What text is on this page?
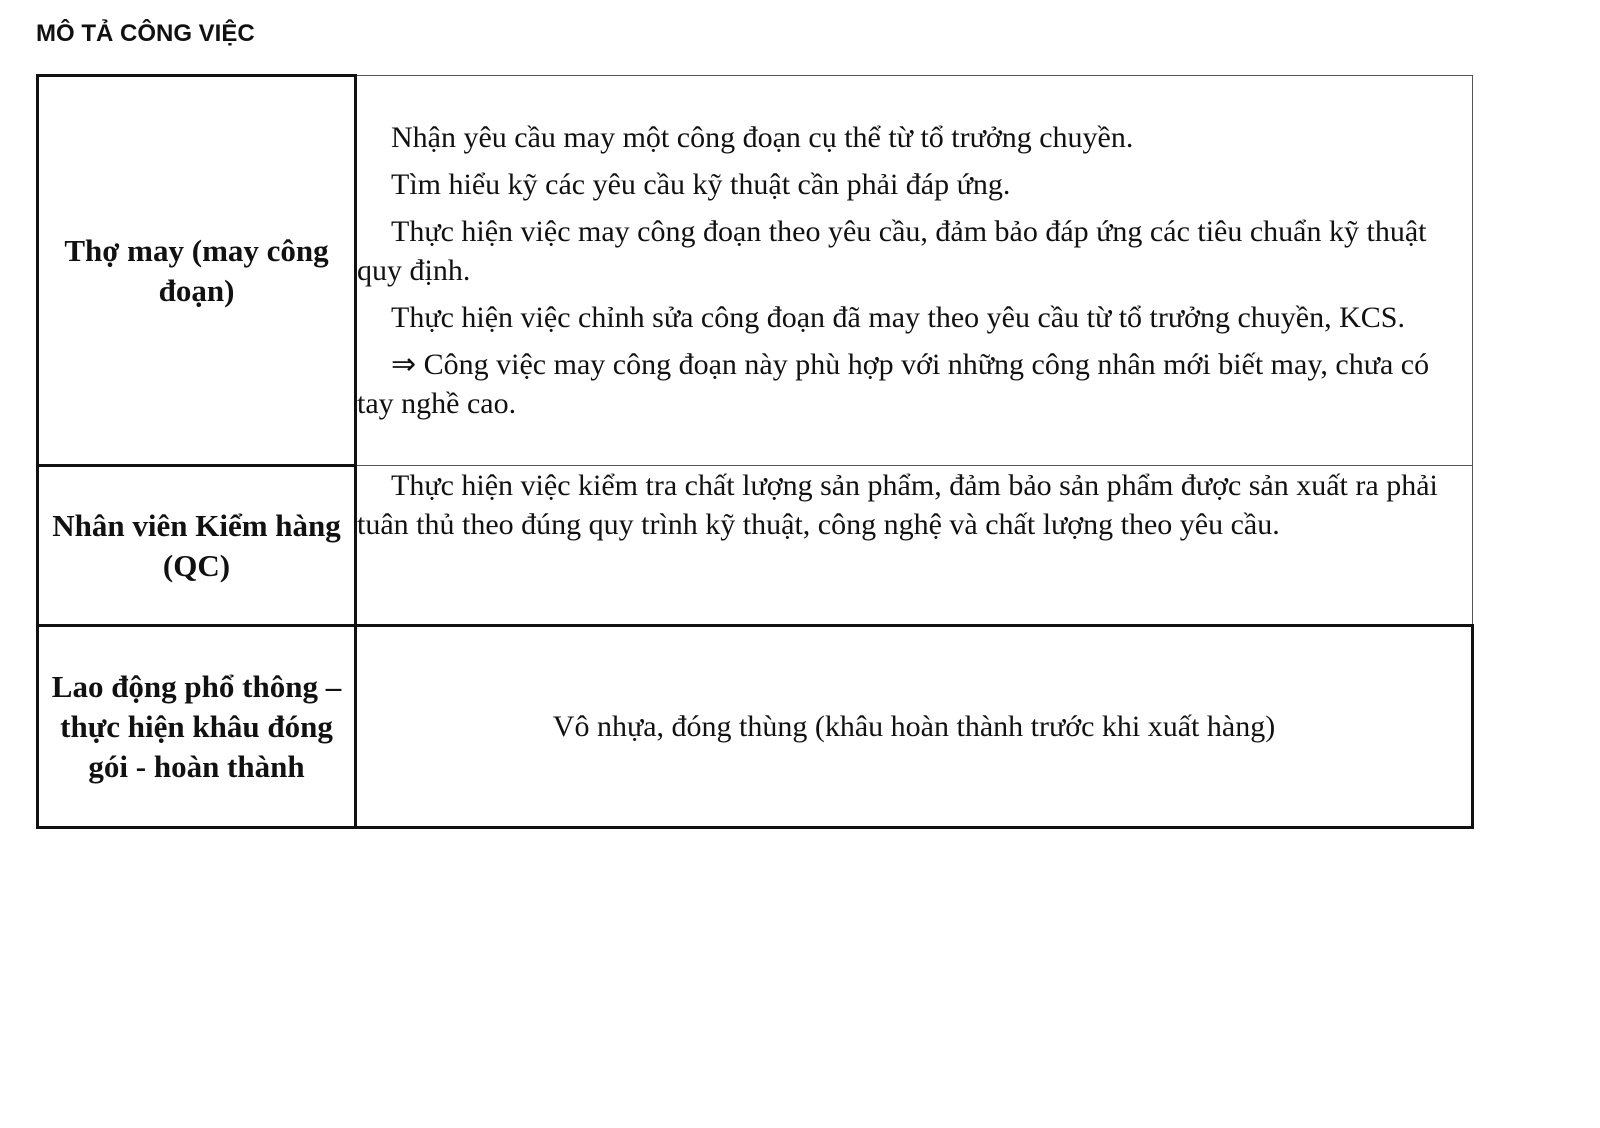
MÔ TẢ CÔNG VIỆC
Thợ may (may công đoạn)	Nhận yêu cầu may một công đoạn cụ thể từ tổ trưởng chuyền.

Tìm hiểu kỹ các yêu cầu kỹ thuật cần phải đáp ứng.

Thực hiện việc may công đoạn theo yêu cầu, đảm bảo đáp ứng các tiêu chuẩn kỹ thuật quy định.

Thực hiện việc chỉnh sửa công đoạn đã may theo yêu cầu từ tổ trưởng chuyền, KCS.

⇒ Công việc may công đoạn này phù hợp với những công nhân mới biết may, chưa có tay nghề cao.

Nhân viên Kiểm hàng (QC)	Thực hiện việc kiểm tra chất lượng sản phẩm, đảm bảo sản phẩm được sản xuất ra phải tuân thủ theo đúng quy trình kỹ thuật, công nghệ và chất lượng theo yêu cầu.

Lao động phổ thông – thực hiện khâu đóng gói - hoàn thành	Vô nhựa, đóng thùng (khâu hoàn thành trước khi xuất hàng)
